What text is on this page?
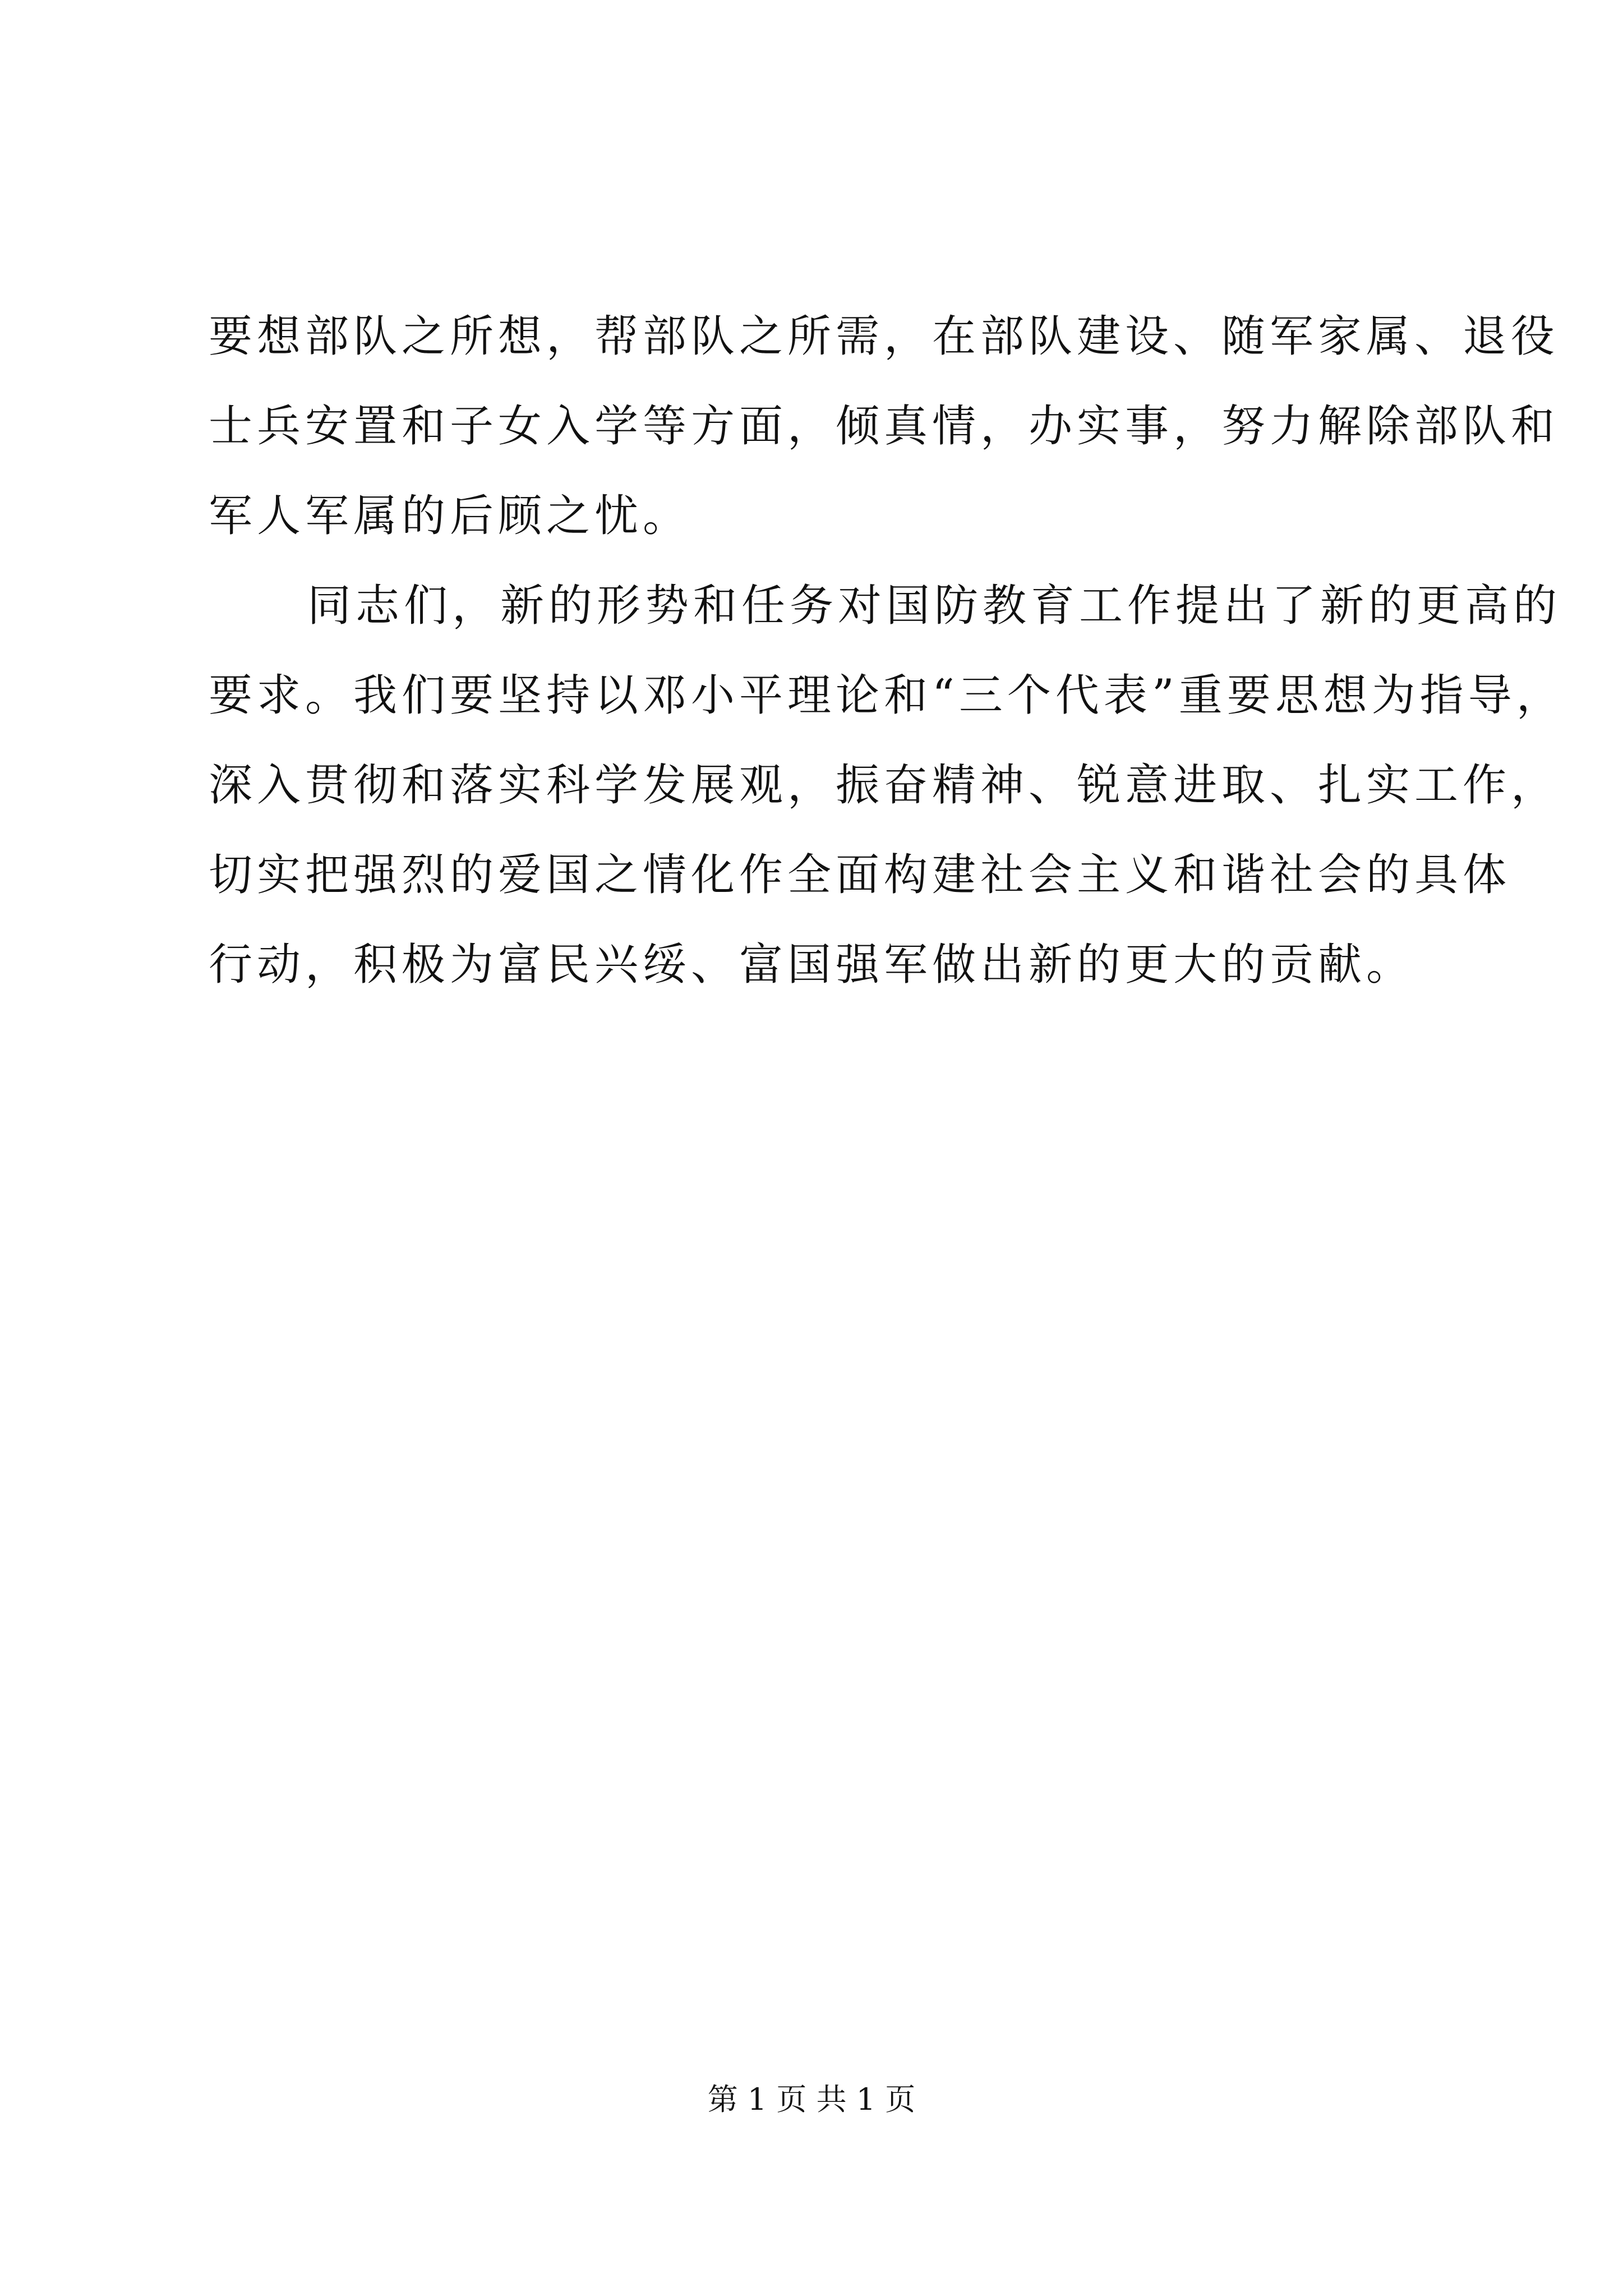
要想部队之所想，帮部队之所需，在部队建设、随军家属、退役
士兵安置和子女入学等方面，倾真情，办实事，努力解除部队和
军人军属的后顾之忧。
同志们，新的形势和任务对国防教育工作提出了新的更高的
要求。我们要坚持以邓小平理论和“三个代表”重要思想为指导，
深入贯彻和落实科学发展观，振奋精神、锐意进取、扎实工作，
切实把强烈的爱国之情化作全面构建社会主义和谐社会的具体
行动，积极为富民兴绥、富国强军做出新的更大的贡献。
第 1 页 共 1 页
